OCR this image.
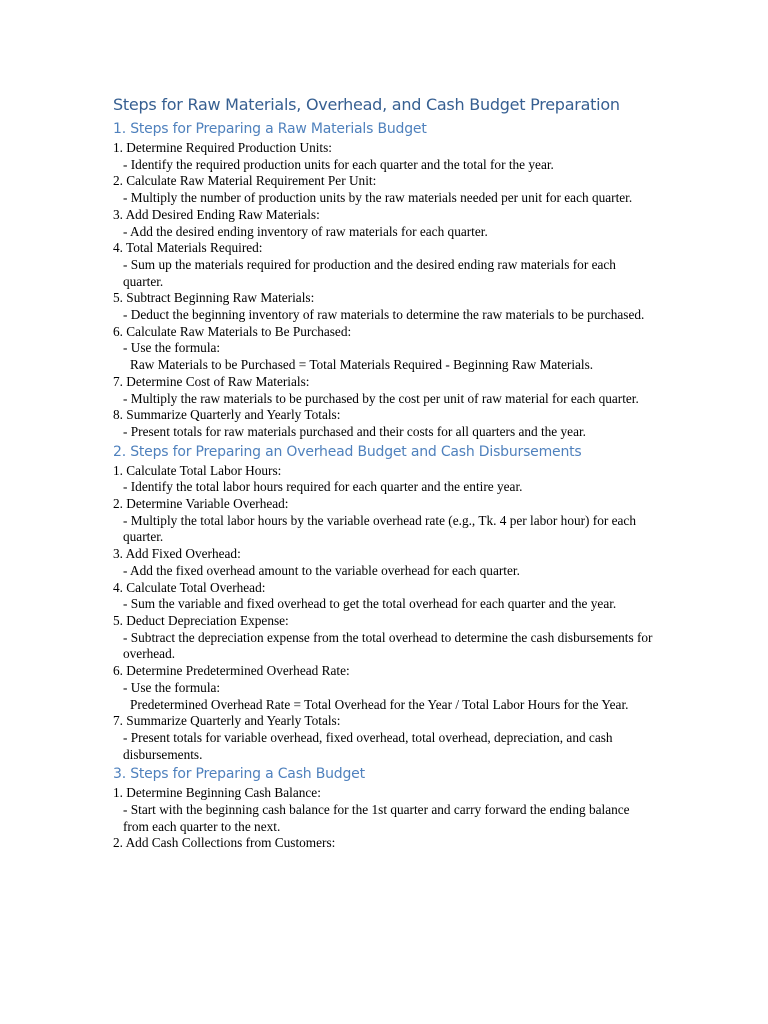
Steps for Raw Materials, Overhead, and Cash Budget Preparation
1. Steps for Preparing a Raw Materials Budget
1. Determine Required Production Units:
- Identify the required production units for each quarter and the total for the year.
2. Calculate Raw Material Requirement Per Unit:
- Multiply the number of production units by the raw materials needed per unit for each quarter.
3. Add Desired Ending Raw Materials:
- Add the desired ending inventory of raw materials for each quarter.
4. Total Materials Required:
- Sum up the materials required for production and the desired ending raw materials for each quarter.
5. Subtract Beginning Raw Materials:
- Deduct the beginning inventory of raw materials to determine the raw materials to be purchased.
6. Calculate Raw Materials to Be Purchased:
- Use the formula:
Raw Materials to be Purchased = Total Materials Required - Beginning Raw Materials.
7. Determine Cost of Raw Materials:
- Multiply the raw materials to be purchased by the cost per unit of raw material for each quarter.
8. Summarize Quarterly and Yearly Totals:
- Present totals for raw materials purchased and their costs for all quarters and the year.
2. Steps for Preparing an Overhead Budget and Cash Disbursements
1. Calculate Total Labor Hours:
- Identify the total labor hours required for each quarter and the entire year.
2. Determine Variable Overhead:
- Multiply the total labor hours by the variable overhead rate (e.g., Tk. 4 per labor hour) for each quarter.
3. Add Fixed Overhead:
- Add the fixed overhead amount to the variable overhead for each quarter.
4. Calculate Total Overhead:
- Sum the variable and fixed overhead to get the total overhead for each quarter and the year.
5. Deduct Depreciation Expense:
- Subtract the depreciation expense from the total overhead to determine the cash disbursements for overhead.
6. Determine Predetermined Overhead Rate:
- Use the formula:
Predetermined Overhead Rate = Total Overhead for the Year / Total Labor Hours for the Year.
7. Summarize Quarterly and Yearly Totals:
- Present totals for variable overhead, fixed overhead, total overhead, depreciation, and cash disbursements.
3. Steps for Preparing a Cash Budget
1. Determine Beginning Cash Balance:
- Start with the beginning cash balance for the 1st quarter and carry forward the ending balance from each quarter to the next.
2. Add Cash Collections from Customers:
